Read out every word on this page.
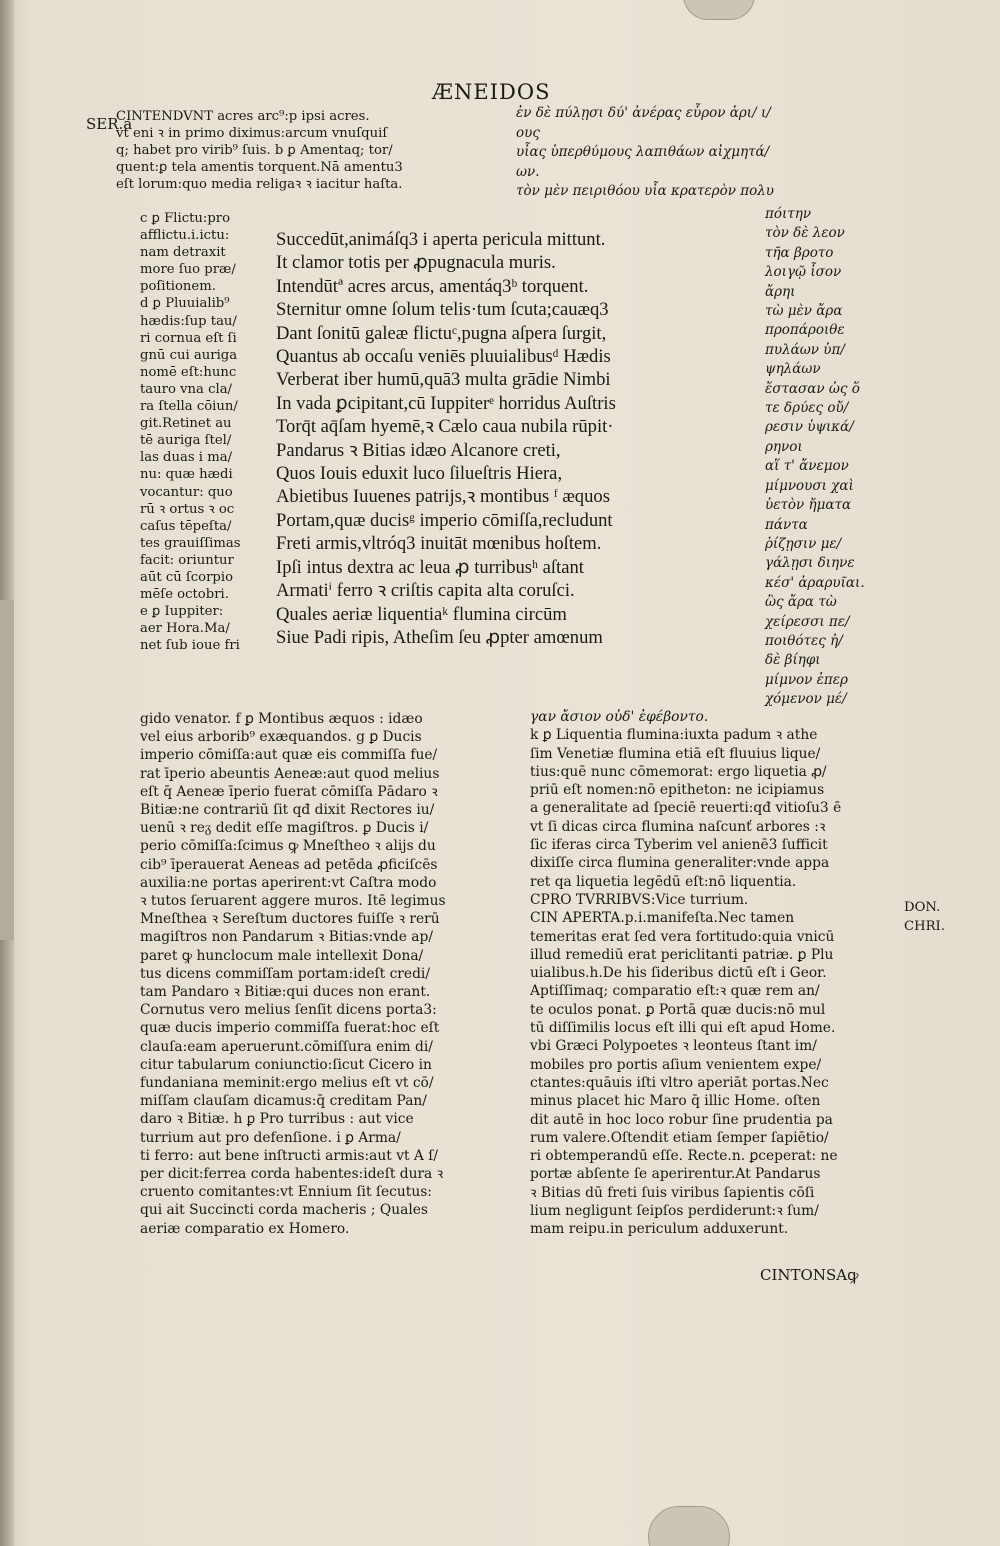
ÆNEIDOS
SER.a
CINTENDVNT acres arc⁹:p ipsi acres.
vt eni ꝛ in primo diximus:arcum vnuſquiſ
q; habet pro virib⁹ ſuis. b ꝑ Amentaq; tor/
quent:ꝑ tela amentis torquent.Nā amentu3
eſt lorum:quo media religaꝛ ꝛ iacitur haſta.
ἐν δὲ πύλῃσι δύ' ἀνέρας εὗρον ἀρι/ ι/
ους
υἷας ὑπερθύμους λαπιθάων αἰχμητά/
ων.
τὸν μὲν πειριθόου υἷα κρατερὸν πολυ
c ꝑ Flictu:pro
afflictu.i.ictu:
nam detraxit
more ſuo præ/
poſitionem.
d ꝑ Pluuialib⁹
hædis:ſup tau/
ri cornua eſt ſi
gnū cui auriga
nomē eſt:hunc
tauro vna cla/
ra ſtella cōiun/
git.Retinet au
tē auriga ſtel/
las duas i ma/
nu: quæ hædi
vocantur: quo
rū ꝛ ortus ꝛ oc
caſus tēpeſta/
tes grauiſſimas
facit: oriuntur
aūt cū ſcorpio
mēſe octobri.
e ꝑ Iuppiter:
aer Hora.Ma/
net ſub ioue fri
Succedūt,animáſq3 i aperta pericula mittunt.
It clamor totis per ꝓpugnacula muris.
Intendūtª acres arcus, amentáq3ᵇ torquent.
Sternitur omne ſolum telis·tum ſcuta;cauæq3
Dant ſonitū galeæ flictuᶜ,pugna aſpera ſurgit,
Quantus ab occaſu veniēs pluuialibusᵈ Hædis
Verberat iber humū,quā3 multa grādie Nimbi
In vada ꝑcipitant,cū Iuppiterᵉ horridus Auſtris
Torq̄t aq̄ſam hyemē,ꝛ Cælo caua nubila rūpit·
Pandarus ꝛ Bitias idæo Alcanore creti,
Quos Iouis eduxit luco ſilueſtris Hiera,
Abietibus Iuuenes patrijs,ꝛ montibus ᶠ æquos
Portam,quæ ducisᵍ imperio cōmiſſa,recludunt
Freti armis,vltróq3 inuitāt mœnibus hoſtem.
Ipſi intus dextra ac leua ꝓ turribusʰ aſtant
Armatiⁱ ferro ꝛ criſtis capita alta coruſci.
Quales aeriæ liquentiaᵏ flumina circūm
Siue Padi ripis, Atheſim ſeu ꝓpter amœnum
πόιτην
τὸν δὲ λεον
τῆα βροτο
λοιγῷ ἶσον
ἄρηι
τὼ μὲν ἄρα
προπάροιθε
πυλάων ὑπ/
ψηλάων
ἕστασαν ὡς ὅ
τε δρύες οὔ/
ρεσιν ὑψικά/
ρηνοι
αἵ τ' ἄνεμον
μίμνουσι χαὶ
ὑετὸν ἤματα
πάντα
ῥίζῃσιν με/
γάλῃσι διηνε
κέσ' ἀραρυῖαι.
ὣς ἄρα τὼ
χείρεσσι πε/
ποιθότες ἠ/
δὲ βίηφι
μίμνον ἐπερ
χόμενον μέ/
gido venator. f ꝑ Montibus æquos : idæo
vel eius arborib⁹ exæquandos. g ꝑ Ducis
imperio cōmiſſa:aut quæ eis commiſſa fue/
rat īperio abeuntis Aeneæ:aut quod melius
eſt q̄ Aeneæ īperio fuerat cōmiſſa Pādaro ꝛ
Bitiæ:ne contrariū ſit qđ dixit Rectores iu/
uenū ꝛ reᵹ dedit eſſe magiſtros. ꝑ Ducis i/
perio cōmiſſa:ſcimus ꝙ Mneſtheo ꝛ alijs du
cib⁹ īperauerat Aeneas ad petēda ꝓficiſcēs
auxilia:ne portas aperirent:vt Caſtra modo
ꝛ tutos ſeruarent aggere muros. Itē legimus
Mneſthea ꝛ Sereſtum ductores fuiſſe ꝛ rerū
magiſtros non Pandarum ꝛ Bitias:vnde ap/
paret ꝙ hunclocum male intellexit Dona/
tus dicens commiſſam portam:ideſt credi/
tam Pandaro ꝛ Bitiæ:qui duces non erant.
Cornutus vero melius ſenſit dicens porta3:
quæ ducis imperio commiſſa fuerat:hoc eſt
clauſa:eam aperuerunt.cōmiſſura enim di/
citur tabularum coniunctio:ſicut Cicero in
fundaniana meminit:ergo melius eſt vt cō/
miſſam clauſam dicamus:q̄ creditam Pan/
daro ꝛ Bitiæ. h ꝑ Pro turribus : aut vice
turrium aut pro defenſione. i ꝑ Arma/
ti ferro: aut bene inſtructi armis:aut vt A ſ/
per dicit:ferrea corda habentes:ideſt dura ꝛ
cruento comitantes:vt Ennium ſit ſecutus:
qui ait Succincti corda macheris ; Quales
aeriæ comparatio ex Homero.
γαν ἄσιον οὐδ' ἐφέβοντο.
k ꝑ Liquentia flumina:iuxta padum ꝛ athe
ſim Venetiæ flumina etiā eſt fluuius lique/
tius:quē nunc cōmemorat: ergo liquetia ꝓ/
priū eſt nomen:nō epitheton: ne icipiamus
a generalitate ad ſpeciē reuerti:qđ vitioſu3 ē
vt ſi dicas circa flumina naſcunť arbores :ꝛ
ſic iferas circa Tyberim vel anienē3 ſufficit
dixiſſe circa flumina generaliter:vnde appa
ret qa liquetia legēdū eſt:nō liquentia.
CPRO TVRRIBVS:Vice turrium.
CIN APERTA.p.i.manifeſta.Nec tamen
temeritas erat ſed vera fortitudo:quia vnicū
illud remediū erat periclitanti patriæ. ꝑ Plu
uialibus.h.De his ſideribus dictū eſt i Geor.
Aptiſſimaq; comparatio eſt:ꝛ quæ rem an/
te oculos ponat. ꝑ Portā quæ ducis:nō mul
tū diſſimilis locus eſt illi qui eſt apud Home.
vbi Græci Polypoetes ꝛ leonteus ſtant im/
mobiles pro portis aſium venientem expe/
ctantes:quāuis iſti vltro aperiāt portas.Nec
minus placet hic Maro q̄ illic Home. oſten
dit autē in hoc loco robur ſine prudentia pa
rum valere.Oſtendit etiam ſemper ſapiētio/
ri obtemperandū eſſe. Recte.n. ꝑceperat: ne
portæ abſente ſe aperirentur.At Pandarus
ꝛ Bitias dū freti ſuis viribus ſapientis cōſi
lium negligunt ſeipſos perdiderunt:ꝛ ſum/
mam reipu.in periculum adduxerunt.
DON.
CHRI.
CINTONSAꝙ
